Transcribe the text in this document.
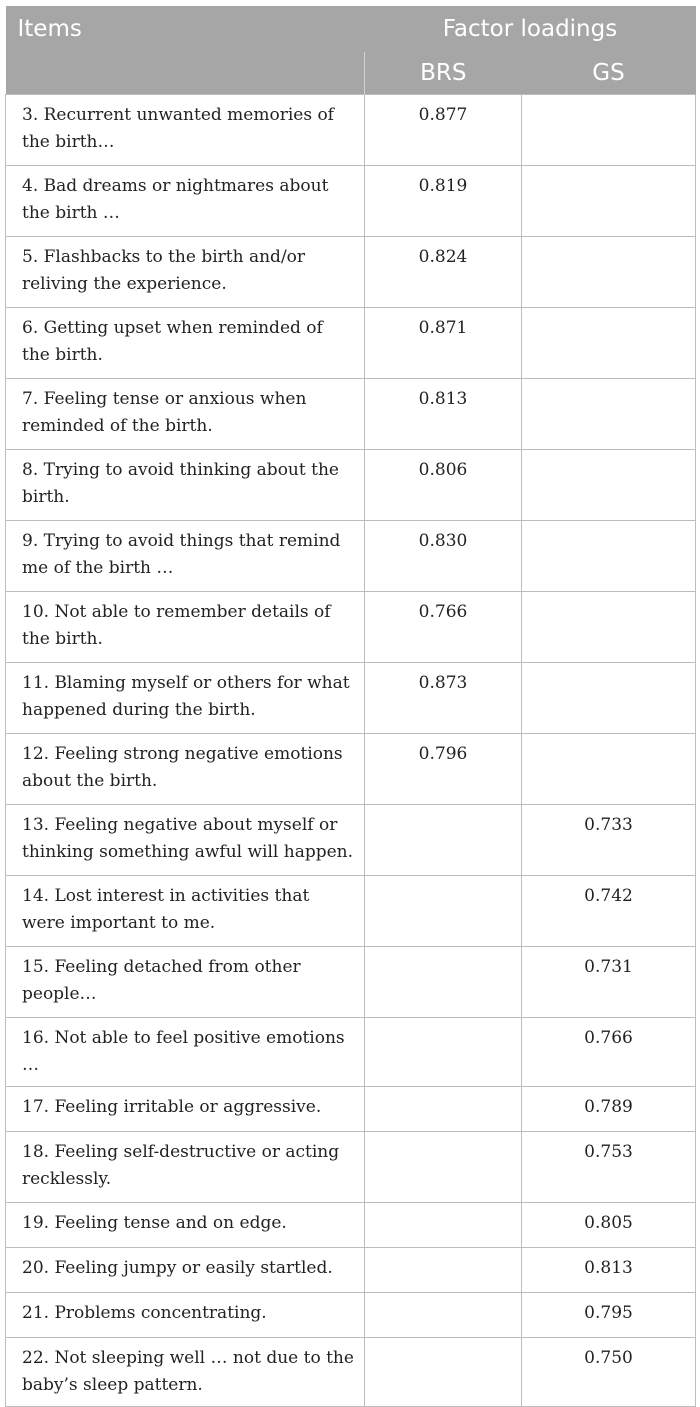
Items	Factor loadings	
	BRS	GS
3. Recurrent unwanted memories of the birth…	0.877	
4. Bad dreams or nightmares about the birth …	0.819	
5. Flashbacks to the birth and/or reliving the experience.	0.824	
6. Getting upset when reminded of the birth.	0.871	
7. Feeling tense or anxious when reminded of the birth.	0.813	
8. Trying to avoid thinking about the birth.	0.806	
9. Trying to avoid things that remind me of the birth …	0.830	
10. Not able to remember details of the birth.	0.766	
11. Blaming myself or others for what happened during the birth.	0.873	
12. Feeling strong negative emotions about the birth.	0.796	
13. Feeling negative about myself or thinking something awful will happen.		0.733
14. Lost interest in activities that were important to me.		0.742
15. Feeling detached from other people…		0.731
16. Not able to feel positive emotions …		0.766
17. Feeling irritable or aggressive.		0.789
18. Feeling self-destructive or acting recklessly.		0.753
19. Feeling tense and on edge.		0.805
20. Feeling jumpy or easily startled.		0.813
21. Problems concentrating.		0.795
22. Not sleeping well … not due to the baby’s sleep pattern.		0.750
